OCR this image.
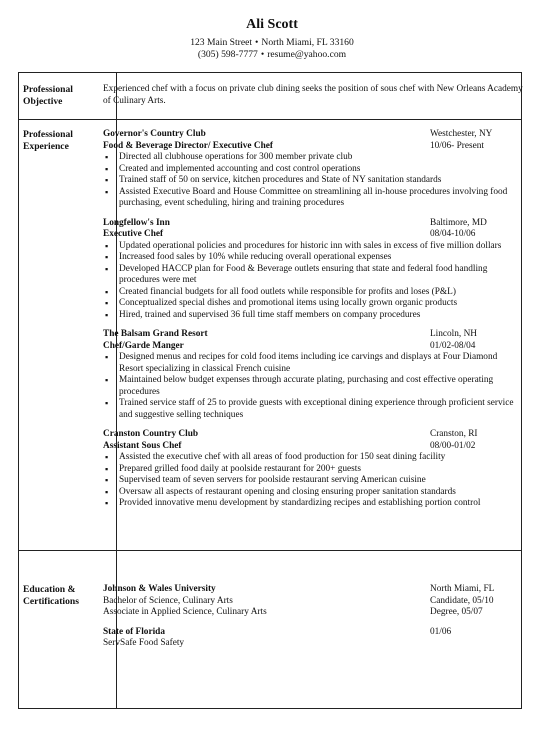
Ali Scott
123 Main Street • North Miami, FL 33160
(305) 598-7777 • resume@yahoo.com
Professional Objective

Experienced chef with a focus on private club dining seeks the position of sous chef with New Orleans Academy of Culinary Arts.

Professional Experience
Governor's Country Club	Westchester, NY
Food & Beverage Director/ Executive Chef	10/06- Present
▪ Directed all clubhouse operations for 300 member private club
▪ Created and implemented accounting and cost control operations
▪ Trained staff of 50 on service, kitchen procedures and State of NY sanitation standards
▪ Assisted Executive Board and House Committee on streamlining all in-house procedures involving food purchasing, event scheduling, hiring and training procedures
Longfellow's Inn	Baltimore, MD
Executive Chef	08/04-10/06
▪ Updated operational policies and procedures for historic inn with sales in excess of five million dollars
▪ Increased food sales by 10% while reducing overall operational expenses
▪ Developed HACCP plan for Food & Beverage outlets ensuring that state and federal food handling procedures were met
▪ Created financial budgets for all food outlets while responsible for profits and loses (P&L)
▪ Conceptualized special dishes and promotional items using locally grown organic products
▪ Hired, trained and supervised 36 full time staff members on company procedures
The Balsam Grand Resort	Lincoln, NH
Chef/Garde Manger	01/02-08/04
▪ Designed menus and recipes for cold food items including ice carvings and displays at Four Diamond Resort specializing in classical French cuisine
▪ Maintained below budget expenses through accurate plating, purchasing and cost effective operating procedures
▪ Trained service staff of 25 to provide guests with exceptional dining experience through proficient service and suggestive selling techniques
Cranston Country Club	Cranston, RI
Assistant Sous Chef	08/00-01/02
▪ Assisted the executive chef with all areas of food production for 150 seat dining facility
▪ Prepared grilled food daily at poolside restaurant for 200+ guests
▪ Supervised team of seven servers for poolside restaurant serving American cuisine
▪ Oversaw all aspects of restaurant opening and closing ensuring proper sanitation standards
▪ Provided innovative menu development by standardizing recipes and establishing portion control
Education & Certifications
Johnson & Wales University	North Miami, FL
Bachelor of Science, Culinary Arts	Candidate, 05/10
Associate in Applied Science, Culinary Arts	Degree, 05/07
State of Florida	01/06
ServSafe Food Safety
